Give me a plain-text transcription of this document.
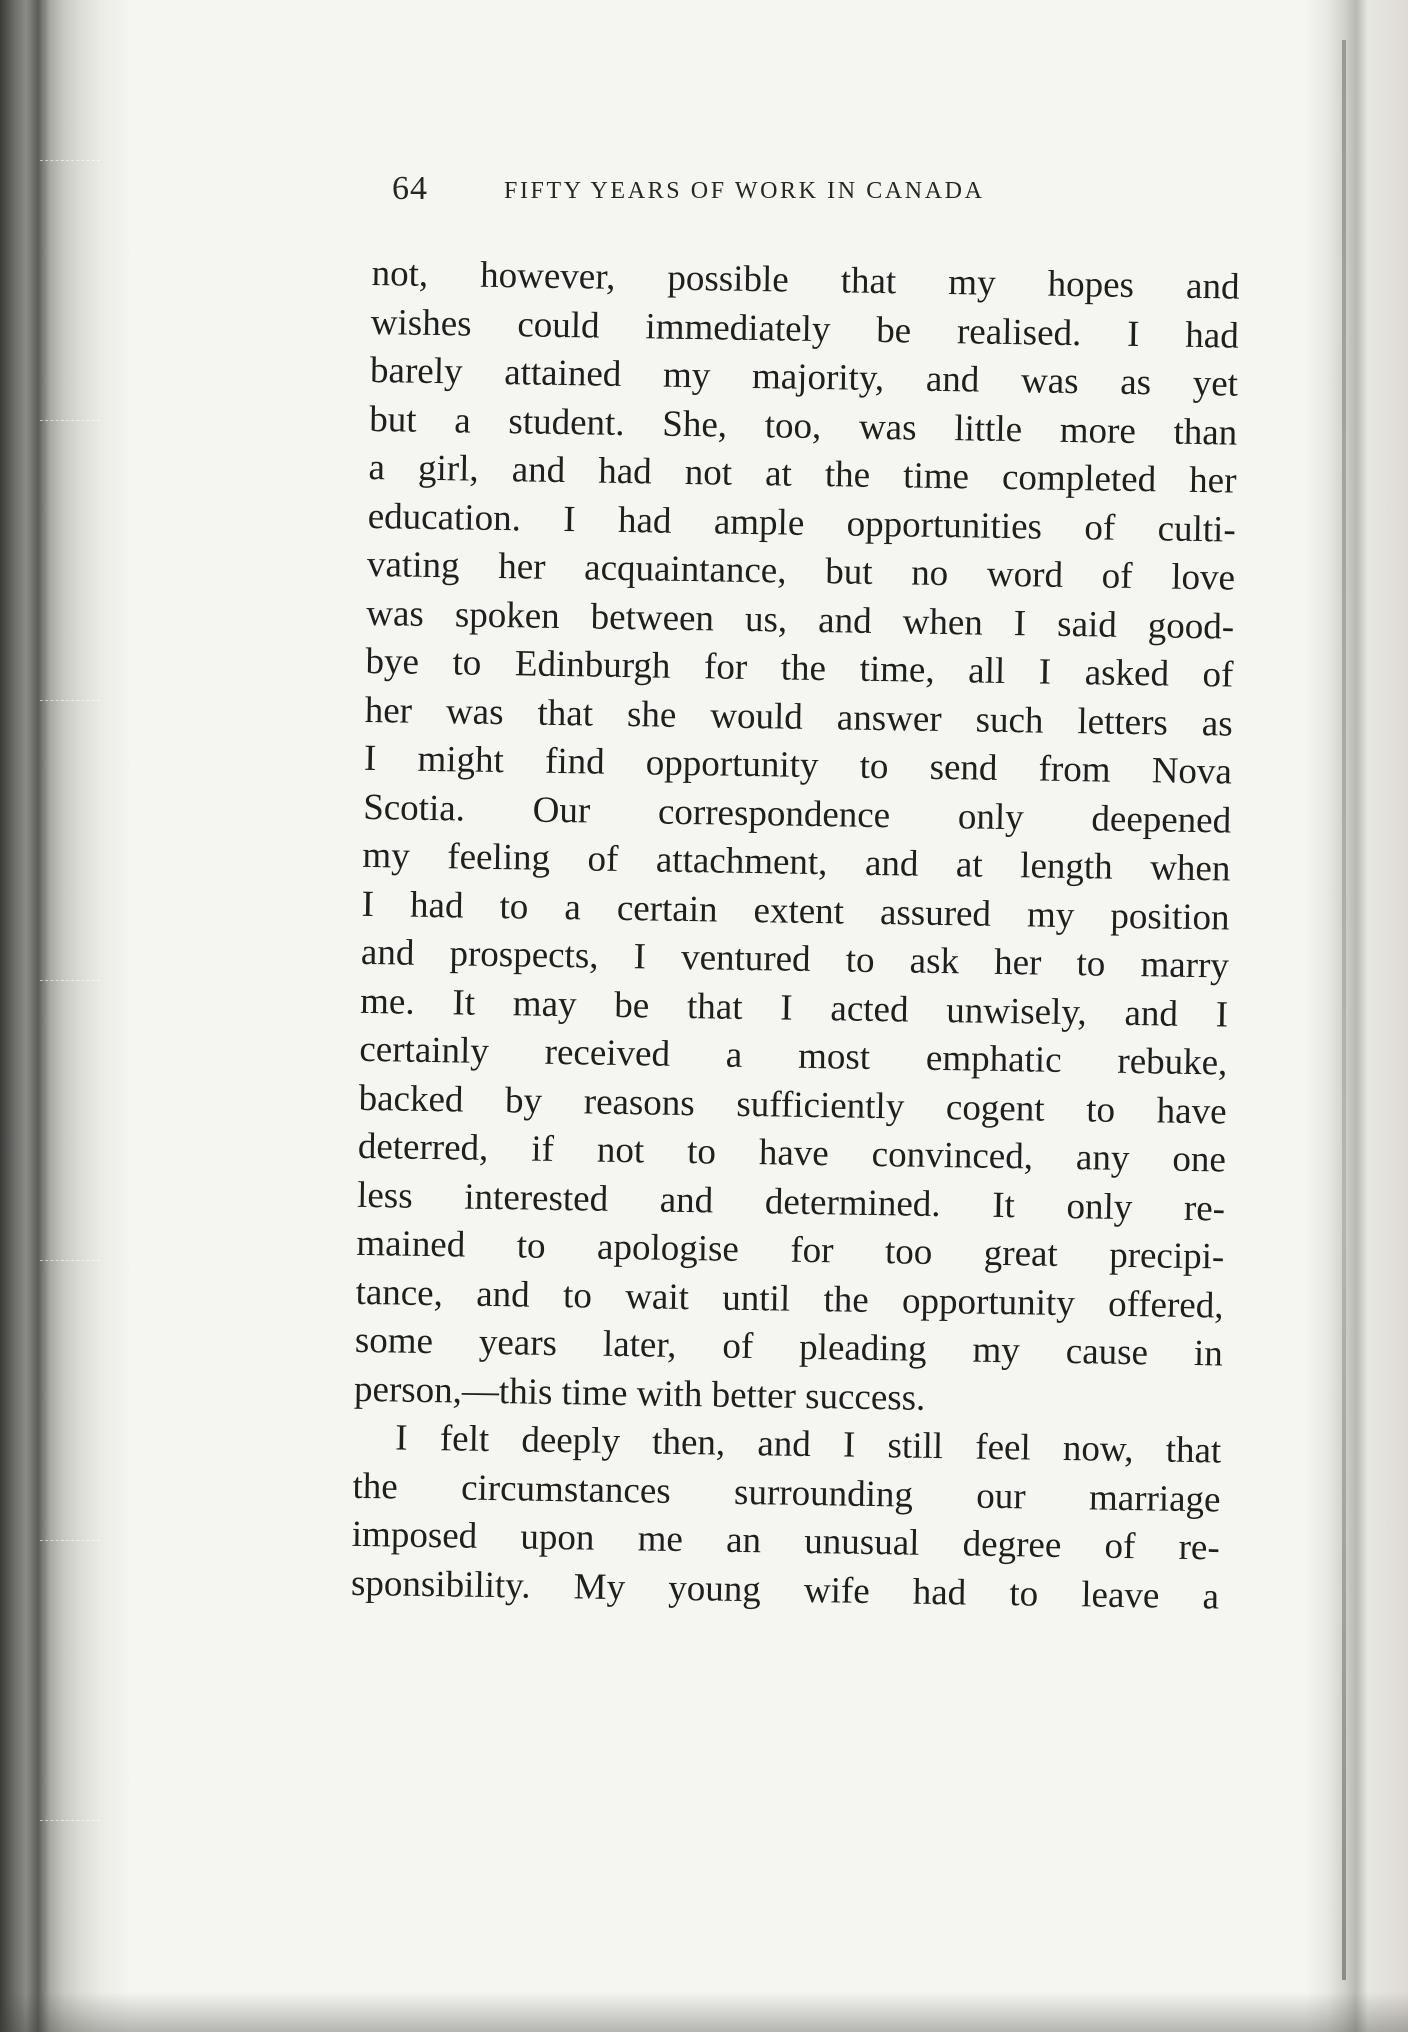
64	FIFTY YEARS OF WORK IN CANADA
not, however, possible that my hopes and
wishes could immediately be realised. I had
barely attained my majority, and was as yet
but a student. She, too, was little more than
a girl, and had not at the time completed her
education. I had ample opportunities of culti-
vating her acquaintance, but no word of love
was spoken between us, and when I said good-
bye to Edinburgh for the time, all I asked of
her was that she would answer such letters as
I might find opportunity to send from Nova
Scotia. Our correspondence only deepened
my feeling of attachment, and at length when
I had to a certain extent assured my position
and prospects, I ventured to ask her to marry
me. It may be that I acted unwisely, and I
certainly received a most emphatic rebuke,
backed by reasons sufficiently cogent to have
deterred, if not to have convinced, any one
less interested and determined. It only re-
mained to apologise for too great precipi-
tance, and to wait until the opportunity offered,
some years later, of pleading my cause in
person,—this time with better success.
I felt deeply then, and I still feel now, that
the circumstances surrounding our marriage
imposed upon me an unusual degree of re-
sponsibility. My young wife had to leave a
